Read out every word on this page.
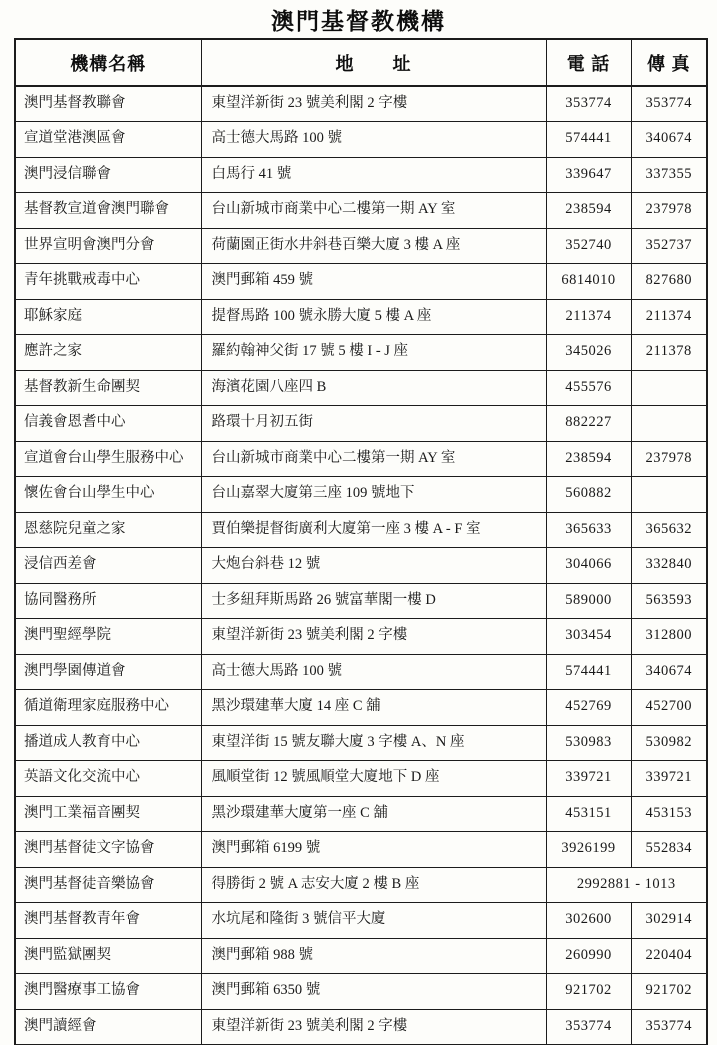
澳門基督教機構
機構名稱	地　　址	電 話	傳 真
澳門基督教聯會	東望洋新街 23 號美利閣 2 字樓	353774	353774
宣道堂港澳區會	高士德大馬路 100 號	574441	340674
澳門浸信聯會	白馬行 41 號	339647	337355
基督教宣道會澳門聯會	台山新城市商業中心二樓第一期 AY 室	238594	237978
世界宣明會澳門分會	荷蘭園正街水井斜巷百樂大廈 3 樓 A 座	352740	352737
青年挑戰戒毒中心	澳門郵箱 459 號	6814010	827680
耶穌家庭	提督馬路 100 號永勝大廈 5 樓 A 座	211374	211374
應許之家	羅約翰神父街 17 號 5 樓 I - J 座	345026	211378
基督教新生命團契	海濱花園八座四 B	455576	
信義會恩耆中心	路環十月初五街	882227	
宣道會台山學生服務中心	台山新城市商業中心二樓第一期 AY 室	238594	237978
懷佐會台山學生中心	台山嘉翠大廈第三座 109 號地下	560882	
恩慈院兒童之家	賈伯樂提督街廣利大廈第一座 3 樓 A - F 室	365633	365632
浸信西差會	大炮台斜巷 12 號	304066	332840
協同醫務所	士多紐拜斯馬路 26 號富華閣一樓 D	589000	563593
澳門聖經學院	東望洋新街 23 號美利閣 2 字樓	303454	312800
澳門學園傳道會	高士德大馬路 100 號	574441	340674
循道衛理家庭服務中心	黑沙環建華大廈 14 座 C 舖	452769	452700
播道成人教育中心	東望洋街 15 號友聯大廈 3 字樓 A、N 座	530983	530982
英語文化交流中心	風順堂街 12 號風順堂大廈地下 D 座	339721	339721
澳門工業福音團契	黑沙環建華大廈第一座 C 舖	453151	453153
澳門基督徒文字協會	澳門郵箱 6199 號	3926199	552834
澳門基督徒音樂協會	得勝街 2 號 A 志安大廈 2 樓 B 座	2992881 - 1013	
澳門基督教青年會	水坑尾和隆街 3 號信平大廈	302600	302914
澳門監獄團契	澳門郵箱 988 號	260990	220404
澳門醫療事工協會	澳門郵箱 6350 號	921702	921702
澳門讀經會	東望洋新街 23 號美利閣 2 字樓	353774	353774
